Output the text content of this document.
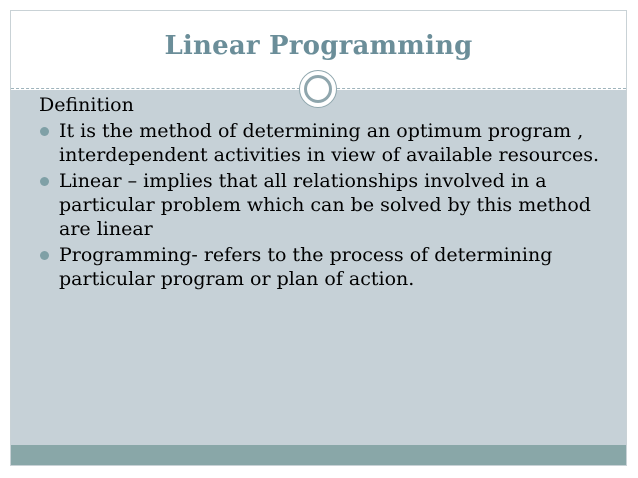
Linear Programming
Definition
It is the method of determining an optimum program , interdependent activities in view of available resources.
Linear – implies that all relationships involved in a particular problem which can be solved by this method are linear
Programming- refers to the process of determining particular program or plan of action.
